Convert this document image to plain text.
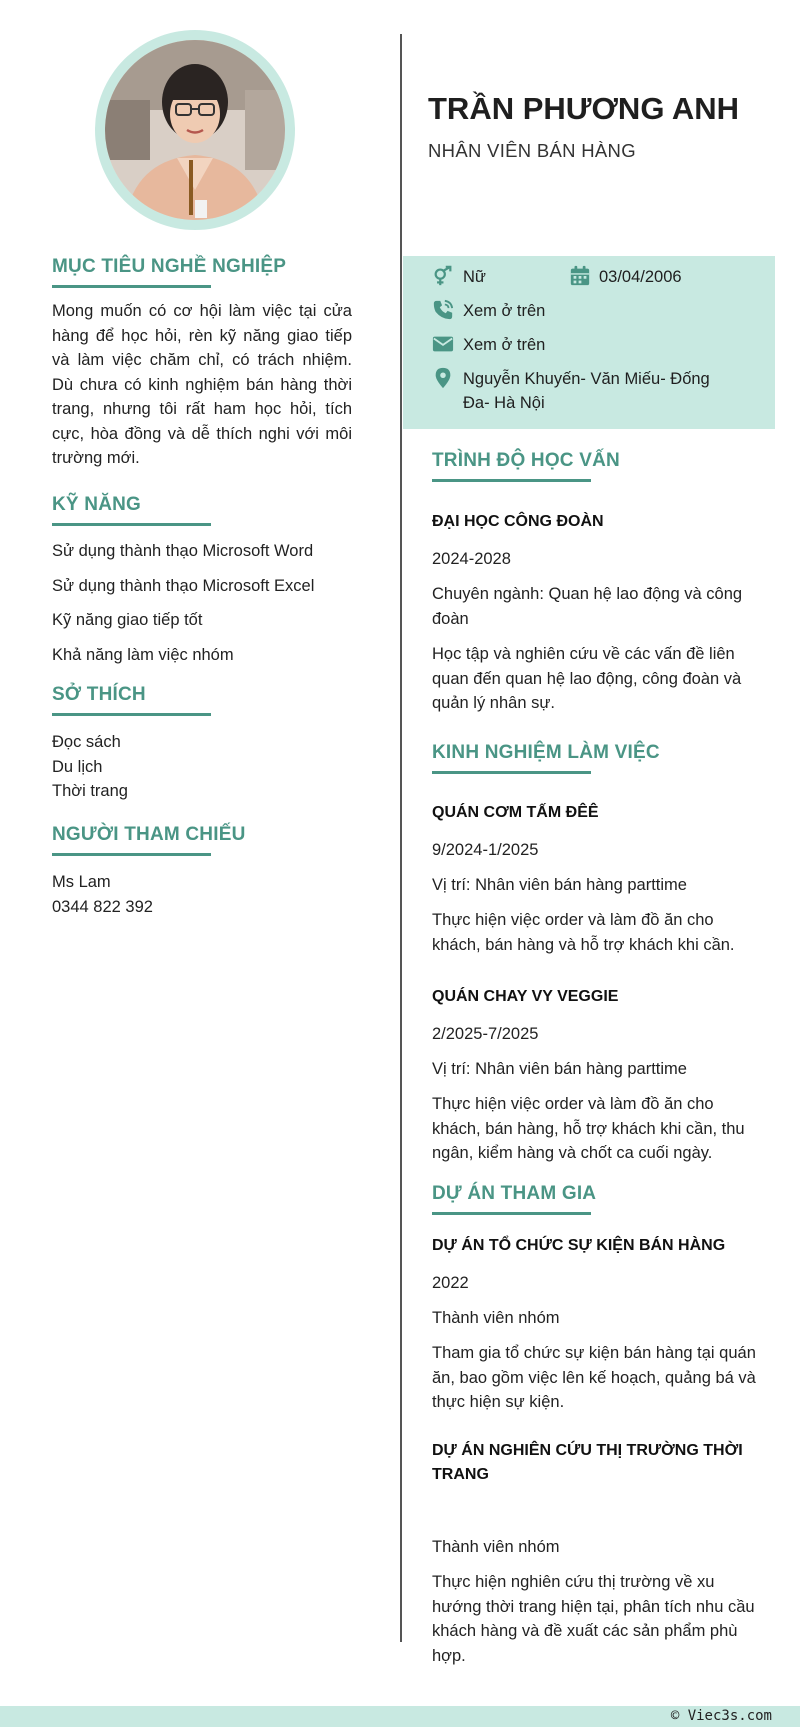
MỤC TIÊU NGHỀ NGHIỆP
Mong muốn có cơ hội làm việc tại cửa hàng để học hỏi, rèn kỹ năng giao tiếp và làm việc chăm chỉ, có trách nhiệm. Dù chưa có kinh nghiệm bán hàng thời trang, nhưng tôi rất ham học hỏi, tích cực, hòa đồng và dễ thích nghi với môi trường mới.
KỸ NĂNG
Sử dụng thành thạo Microsoft Word
Sử dụng thành thạo Microsoft Excel
Kỹ năng giao tiếp tốt
Khả năng làm việc nhóm
SỞ THÍCH
Đọc sách
Du lịch
Thời trang
NGƯỜI THAM CHIẾU
Ms Lam
0344 822 392
TRẦN PHƯƠNG ANH
NHÂN VIÊN BÁN HÀNG
Nữ	03/04/2006
Xem ở trên
Xem ở trên
Nguyễn Khuyến- Văn Miếu- Đống
Đa- Hà Nội
TRÌNH ĐỘ HỌC VẤN
ĐẠI HỌC CÔNG ĐOÀN
2024-2028
Chuyên ngành: Quan hệ lao động và công đoàn
Học tập và nghiên cứu về các vấn đề liên quan đến quan hệ lao động, công đoàn và quản lý nhân sự.
KINH NGHIỆM LÀM VIỆC
QUÁN CƠM TẤM ĐÊÊ
9/2024-1/2025
Vị trí: Nhân viên bán hàng parttime
Thực hiện việc order và làm đồ ăn cho khách, bán hàng và hỗ trợ khách khi cần.
QUÁN CHAY VY VEGGIE
2/2025-7/2025
Vị trí: Nhân viên bán hàng parttime
Thực hiện việc order và làm đồ ăn cho khách, bán hàng, hỗ trợ khách khi cần, thu ngân, kiểm hàng và chốt ca cuối ngày.
DỰ ÁN THAM GIA
DỰ ÁN TỔ CHỨC SỰ KIỆN BÁN HÀNG
2022
Thành viên nhóm
Tham gia tổ chức sự kiện bán hàng tại quán ăn, bao gồm việc lên kế hoạch, quảng bá và thực hiện sự kiện.
DỰ ÁN NGHIÊN CỨU THỊ TRƯỜNG THỜI TRANG
Thành viên nhóm
Thực hiện nghiên cứu thị trường về xu hướng thời trang hiện tại, phân tích nhu cầu khách hàng và đề xuất các sản phẩm phù hợp.
© Viec3s.com
